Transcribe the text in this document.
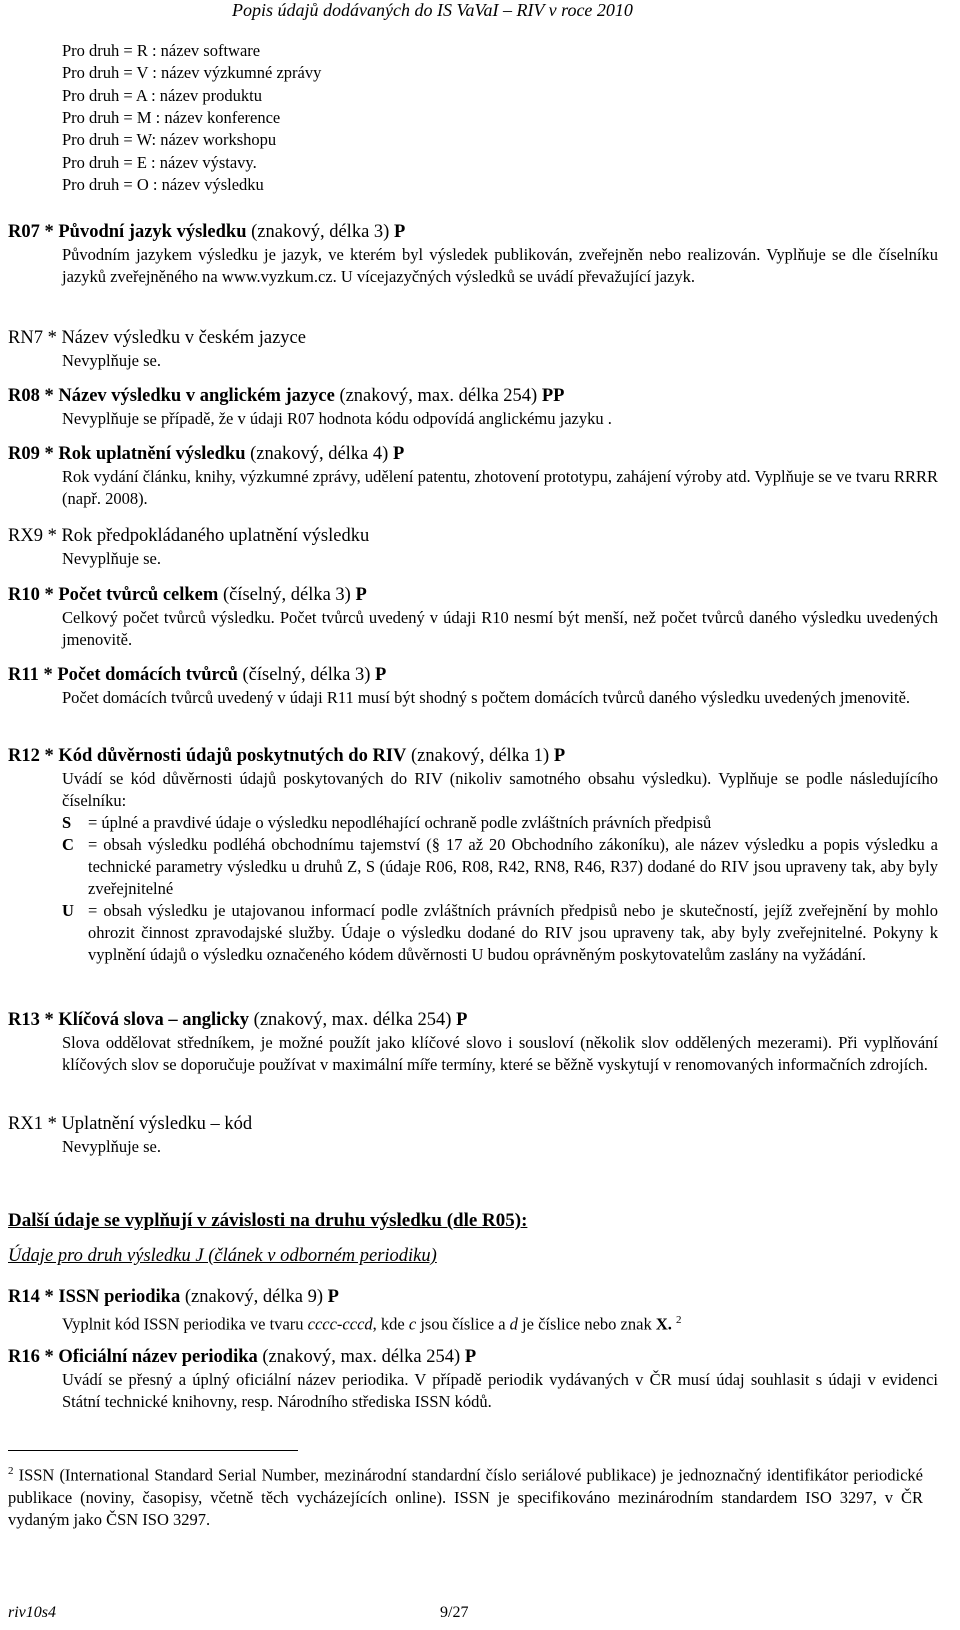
Popis údajů dodávaných do IS VaVaI – RIV v roce 2010
Pro druh = R : název software
Pro druh = V : název výzkumné zprávy
Pro druh = A : název produktu
Pro druh = M : název konference
Pro druh = W: název workshopu
Pro druh = E : název výstavy.
Pro druh = O : název výsledku
R07 * Původní jazyk výsledku (znakový, délka 3) P
Původním jazykem výsledku je jazyk, ve kterém byl výsledek publikován, zveřejněn nebo realizován. Vyplňuje se dle číselníku jazyků zveřejněného na www.vyzkum.cz. U vícejazyčných výsledků se uvádí převažující jazyk.
RN7 * Název výsledku v českém jazyce
Nevyplňuje se.
R08 * Název výsledku v anglickém jazyce (znakový, max. délka 254) PP
Nevyplňuje se případě, že v údaji R07 hodnota kódu odpovídá anglickému jazyku .
R09 * Rok uplatnění výsledku (znakový, délka 4) P
Rok vydání článku, knihy, výzkumné zprávy, udělení patentu, zhotovení prototypu, zahájení výroby atd. Vyplňuje se ve tvaru RRRR (např. 2008).
RX9 * Rok předpokládaného uplatnění výsledku
Nevyplňuje se.
R10 * Počet tvůrců celkem (číselný, délka 3) P
Celkový počet tvůrců výsledku. Počet tvůrců uvedený v údaji R10 nesmí být menší, než počet tvůrců daného výsledku uvedených jmenovitě.
R11 * Počet domácích tvůrců (číselný, délka 3) P
Počet domácích tvůrců uvedený v údaji R11 musí být shodný s počtem domácích tvůrců daného výsledku uvedených jmenovitě.
R12 * Kód důvěrnosti údajů poskytnutých do RIV (znakový, délka 1) P
Uvádí se kód důvěrnosti údajů poskytovaných do RIV (nikoliv samotného obsahu výsledku). Vyplňuje se podle následujícího číselníku:
S	= úplné a pravdivé údaje o výsledku nepodléhající ochraně podle zvláštních právních předpisů
C = obsah výsledku podléhá obchodnímu tajemství (§ 17 až 20 Obchodního zákoníku), ale název výsledku a popis výsledku a technické parametry výsledku u druhů Z, S (údaje R06, R08, R42, RN8, R46, R37) dodané do RIV jsou upraveny tak, aby byly zveřejnitelné
U = obsah výsledku je utajovanou informací podle zvláštních právních předpisů nebo je skutečností, jejíž zveřejnění by mohlo ohrozit činnost zpravodajské služby. Údaje o výsledku dodané do RIV jsou upraveny tak, aby byly zveřejnitelné. Pokyny k vyplnění údajů o výsledku označeného kódem důvěrnosti U budou oprávněným poskytovatelům zaslány na vyžádání.
R13 * Klíčová slova – anglicky (znakový, max. délka 254) P
Slova oddělovat středníkem, je možné použít jako klíčové slovo i sousloví (několik slov oddělených mezerami). Při vyplňování klíčových slov se doporučuje používat v maximální míře termíny, které se běžně vyskytují v renomovaných informačních zdrojích.
RX1 * Uplatnění výsledku – kód
Nevyplňuje se.
Další údaje se vyplňují v závislosti na druhu výsledku (dle R05):
Údaje pro druh výsledku J (článek v odborném periodiku)
R14 * ISSN periodika (znakový, délka 9) P
Vyplnit kód ISSN periodika ve tvaru cccc-cccd, kde c jsou číslice a d je číslice nebo znak X. $^2$
R16 * Oficiální název periodika (znakový, max. délka 254) P
Uvádí se přesný a úplný oficiální název periodika. V případě periodik vydávaných v ČR musí údaj souhlasit s údaji v evidenci Státní technické knihovny, resp. Národního střediska ISSN kódů.
$^2$ ISSN (International Standard Serial Number, mezinárodní standardní číslo seriálové publikace) je jednoznačný identifikátor periodické publikace (noviny, časopisy, včetně těch vycházejících online). ISSN je specifikováno mezinárodním standardem ISO 3297, v ČR vydaným jako ČSN ISO 3297.
riv10s4	9/27
